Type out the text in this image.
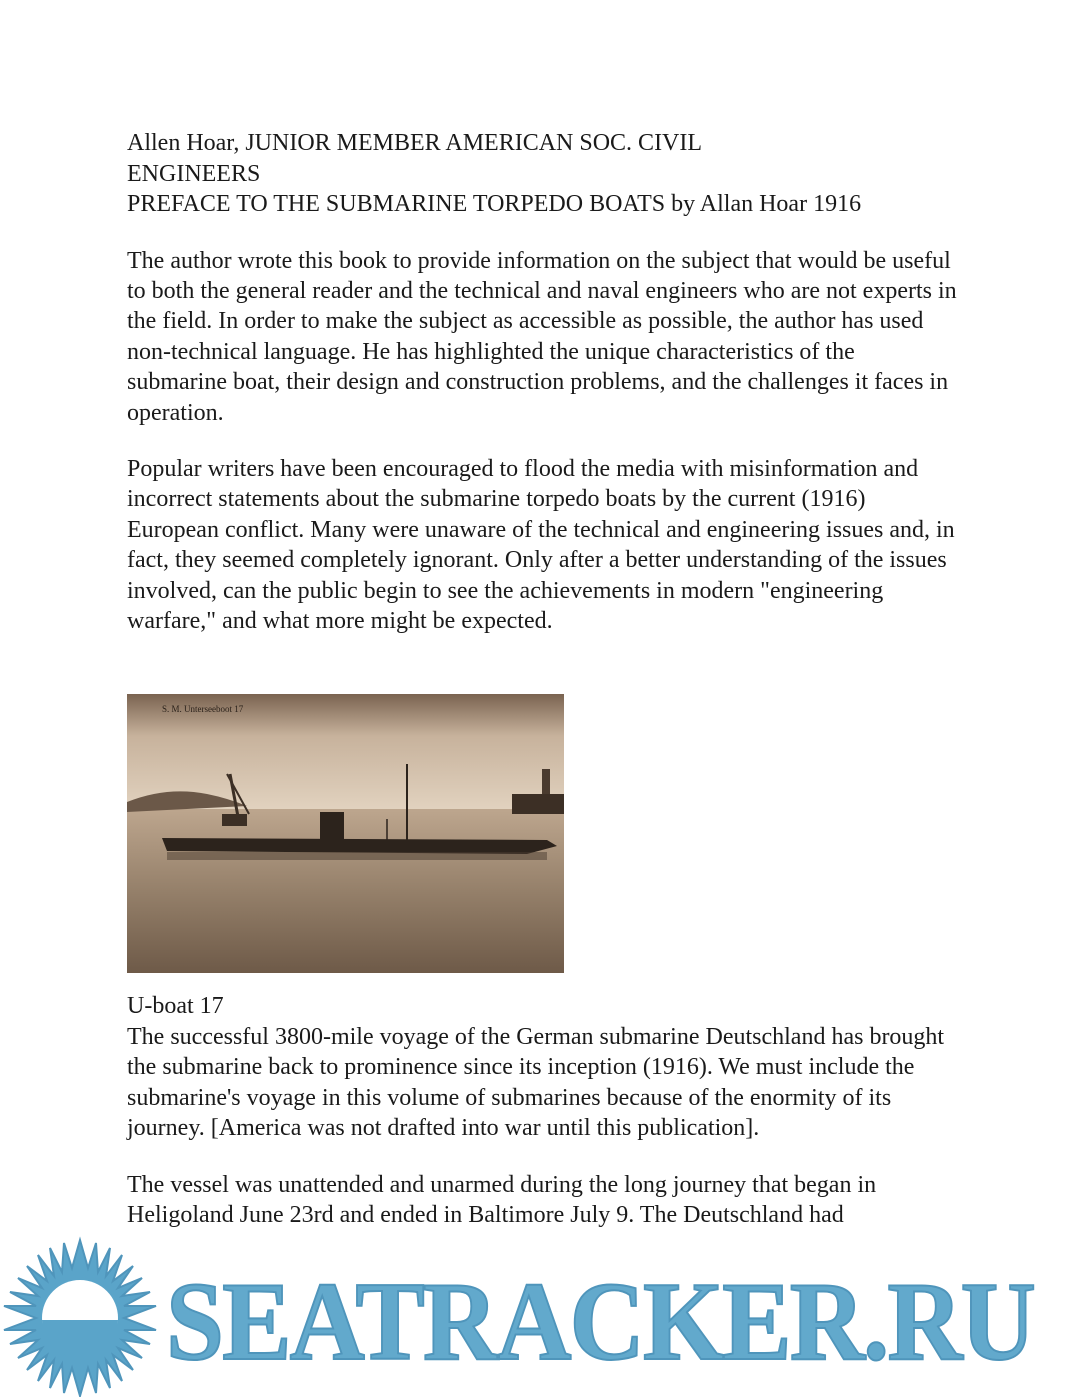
Allen Hoar, JUNIOR MEMBER AMERICAN SOC. CIVIL

ENGINEERS

PREFACE TO THE SUBMARINE TORPEDO BOATS by Allan Hoar 1916

The author wrote this book to provide information on the subject that would be useful to both the general reader and the technical and naval engineers who are not experts in the field. In order to make the subject as accessible as possible, the author has used non-technical language. He has highlighted the unique characteristics of the submarine boat, their design and construction problems, and the challenges it faces in operation.

Popular writers have been encouraged to flood the media with misinformation and incorrect statements about the submarine torpedo boats by the current (1916) European conflict. Many were unaware of the technical and engineering issues and, in fact, they seemed completely ignorant. Only after a better understanding of the issues involved, can the public begin to see the achievements in modern "engineering warfare," and what more might be expected.

U-boat 17

The successful 3800-mile voyage of the German submarine Deutschland has brought the submarine back to prominence since its inception (1916). We must include the submarine's voyage in this volume of submarines because of the enormity of its journey. [America was not drafted into war until this publication].

The vessel was unattended and unarmed during the long journey that began in Heligoland June 23rd and ended in Baltimore July 9. The Deutschland had

S. M. Unterseeboot 17
SEATRACKER.RU
